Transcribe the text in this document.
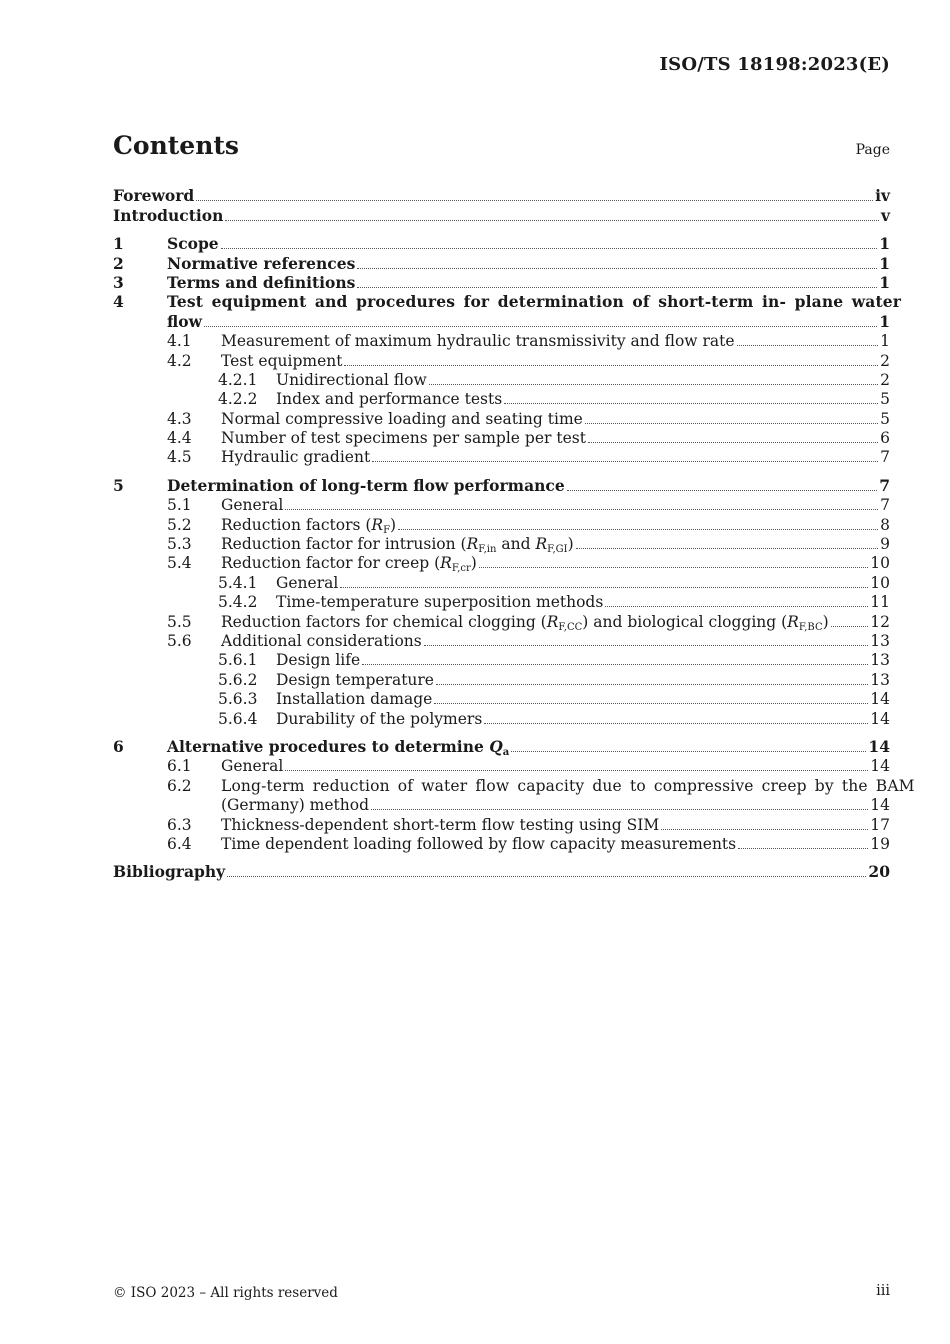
ISO/TS 18198:2023(E)
Contents	Page
Foreword	iv
Introduction	v
1	Scope	1
2	Normative references	1
3	Terms and definitions	1
4	Test equipment and procedures for determination of short-term in- plane water
flow	1
4.1	Measurement of maximum hydraulic transmissivity and flow rate	1
4.2	Test equipment	2
4.2.1	Unidirectional flow	2
4.2.2	Index and performance tests	5
4.3	Normal compressive loading and seating time	5
4.4	Number of test specimens per sample per test	6
4.5	Hydraulic gradient	7
5	Determination of long-term flow performance	7
5.1	General	7
5.2	Reduction factors $(R_F)$	8
5.3	Reduction factor for intrusion ($R_{F,in}$ and $R_{F,GI}$)	9
5.4	Reduction factor for creep $(R_{F,cr})$	10
5.4.1	General	10
5.4.2	Time-temperature superposition methods	11
5.5	Reduction factors for chemical clogging $(R_{F,CC})$ and biological clogging $(R_{F,BC})$	12
5.6	Additional considerations	13
5.6.1	Design life	13
5.6.2	Design temperature	13
5.6.3	Installation damage	14
5.6.4	Durability of the polymers	14
6	Alternative procedures to determine $Q_a$	14
6.1	General	14
6.2	Long-term reduction of water flow capacity due to compressive creep by the BAM
(Germany) method	14
6.3	Thickness-dependent short-term flow testing using SIM	17
6.4	Time dependent loading followed by flow capacity measurements	19
Bibliography	20
© ISO 2023 – All rights reserved	iii
